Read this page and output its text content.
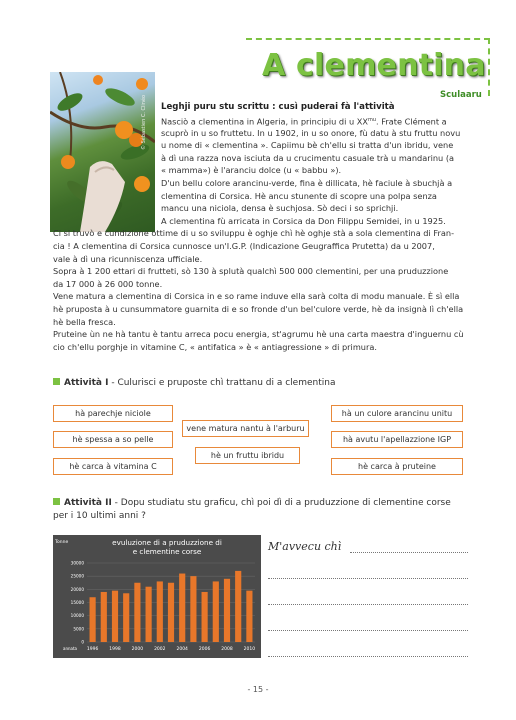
A clementina
Sculaaru
© Sébastien C. Clinéo Leghji puru stu scrittu : cusì puderai fà l'attività
Nasciò a clementina in Algeria, in principiu di u $XX^{mu}$. Frate Clément a
scuprò in u so fruttetu. In u 1902, in u so onore, fù datu à stu fruttu novu
u nome di « clementina ». Capiimu bè ch'ellu si tratta d'un ibridu, vene
à dì una razza nova isciuta da u crucimentu casuale trà u mandarinu (a
« mamma») è l'aranciu dolce (u « babbu »).
D'un bellu colore arancinu-verde, fina è dillicata, hè faciule à sbuchjà a
clementina di Corsica. Hè ancu stunente di scopre una polpa senza
mancu una niciola, densa è suchjosa. Sò deci i so sprichji.
A clementina fù arricata in Corsica da Don Filippu Semidei, in u 1925.
Ci si truvò e cundizione ottime di u so sviluppu è oghje chì hè oghje stà a sola clementina di Fran-
cia ! A clementina di Corsica cunnosce un'I.G.P. (Indicazione Geugraffica Prutetta) da u 2007,
vale à dì una ricunniscenza ufficiale.
Sopra à 1 200 ettari di frutteti, sò 130 à splutà qualchì 500 000 clementini, per una pruduzzione
da 17 000 à 26 000 tonne.
Vene matura a clementina di Corsica in e so rame induve ella sarà colta di modu manuale. È sì ella
hè pruposta à u cunsummatore guarnita di e so fronde d'un bel'culore verde, hè da insignà lì ch'ella
hè bella fresca.
Pruteine ùn ne hà tantu è tantu arreca pocu energia, st'agrumu hè una carta maestra d'inguernu cù
cio ch'ellu porghje in vitamine C, « antifatica » è « antiagressione » di primura.
Attività I - Culurisci e pruposte chì trattanu di a clementina
hà parechje niciole
hè spessa a so pelle
hè carca à vitamina C
vene matura nantu à l'arburu
hè un fruttu ibridu
hà un culore arancinu unitu
hà avutu l'apellazzione IGP
hè carca à pruteine
Attività II - Dopu studiatu stu graficu, chì poi dì di a pruduzzione di clementine corse
per i 10 ultimi anni ?
evuluzione di a pruduzzione di
e clementine corse
Tonne
0
5000
10000
15000
20000
25000
30000
1996 1998 2000 2002 2004 2006 2008 2010
annata
M'avvecu chì
- 15 -
